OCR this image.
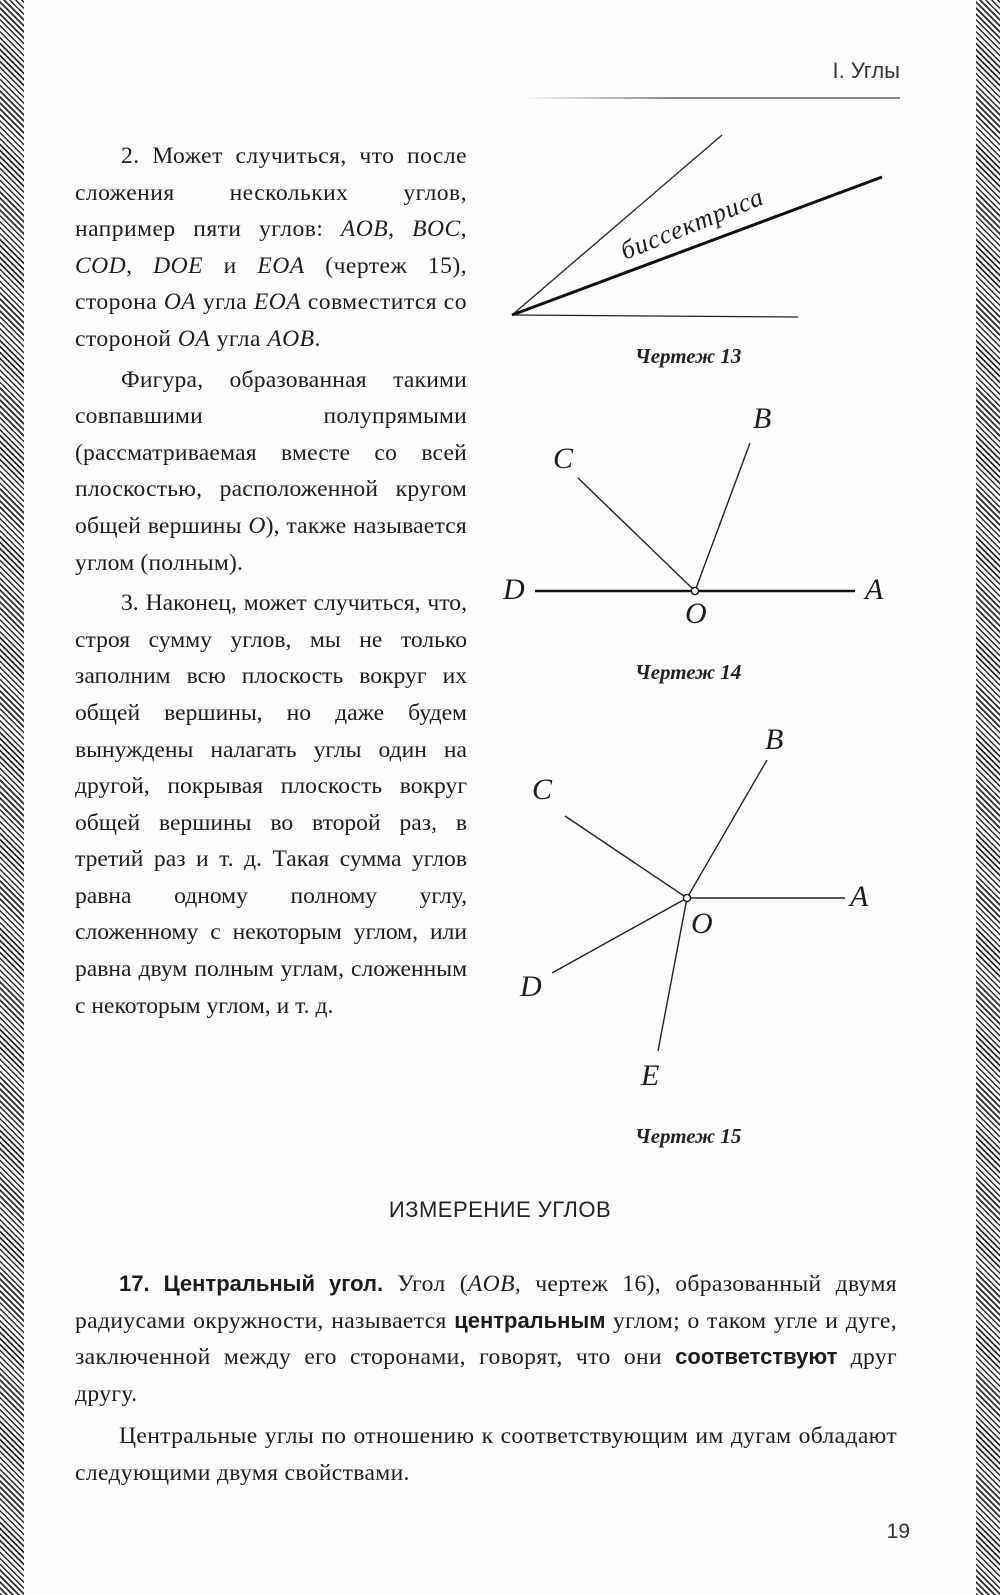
I. Углы

2. Может случиться, что после сложения нескольких углов, например пяти углов: AOB, BOC, COD, DOE и EOA (чертеж 15), сторона OA угла EOA совместится со стороной OA угла AOB.

Фигура, образованная такими совпавшими полупрямыми (рассматриваемая вместе со всей плоскостью, расположенной кругом общей вершины O), также называется углом (полным).

3. Наконец, может случиться, что, строя сумму углов, мы не только заполним всю плоскость вокруг их общей вершины, но даже будем вынуждены налагать углы один на другой, покрывая плоскость вокруг общей вершины во второй раз, в третий раз и т. д. Такая сумма углов равна одному полному углу, сложенному с некоторым углом, или равна двум полным углам, сложенным с некоторым углом, и т. д.

биссектриса
Чертеж 13
B
C
D	A
O
Чертеж 14
B
C
A
O
D
E
Чертеж 15
ИЗМЕРЕНИЕ УГЛОВ

17. Центральный угол. Угол (AOB, чертеж 16), образованный двумя радиусами окружности, называется центральным углом; о таком угле и дуге, заключенной между его сторонами, говорят, что они соответствуют друг другу.

Центральные углы по отношению к соответствующим им дугам обладают следующими двумя свойствами.

19
